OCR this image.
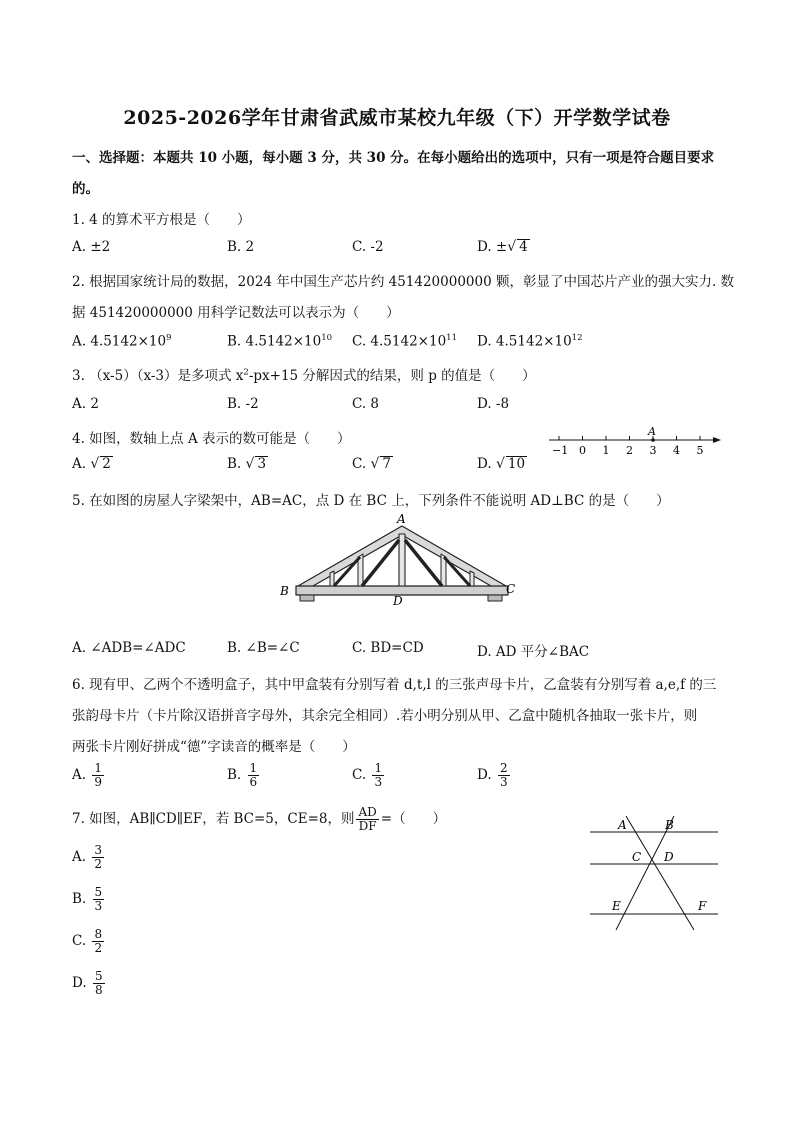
2025-2026学年甘肃省武威市某校九年级（下）开学数学试卷
一、选择题：本题共 10 小题，每小题 3 分，共 30 分。在每小题给出的选项中，只有一项是符合题目要求
的。
1. 4 的算术平方根是（　　）
A. ±2	B. 2	C. -2	D. ±√ 4
2. 根据国家统计局的数据，2024 年中国生产芯片约 451420000000 颗，彰显了中国芯片产业的强大实力. 数
据 451420000000 用科学记数法可以表示为（　　）
A. $4.5142\times 10^9$	B. $4.5142\times 10^{10}$ C. $4.5142\times 10^{11}$ D. $4.5142\times 10^{12}$
3. （x-5）（x-3）是多项式 $x^2-px+15$ 分解因式的结果，则 p 的值是（　　）
A. 2	B. -2	C. 8	D. -8
4. 如图，数轴上点 A 表示的数可能是（　　）
A. √ 2	B. √ 3	C. √ 7	D. √ 10
−1 0 1 2 3 4 5
A
5. 在如图的房屋人字梁架中，AB=AC，点 D 在 BC 上，下列条件不能说明 AD⊥BC 的是（　　）
A
B	C
D
A. ∠ADB=∠ADC	B. ∠B=∠C	C. BD=CD	D. AD 平分∠BAC
6. 现有甲、乙两个不透明盒子，其中甲盒装有分别写着 d,t,l 的三张声母卡片，乙盒装有分别写着 a,e,f 的三
张韵母卡片（卡片除汉语拼音字母外，其余完全相同）.若小明分别从甲、乙盒中随机各抽取一张卡片，则
两张卡片刚好拼成“德”字读音的概率是（　　）
A. $\frac{1}{9}$	B. $\frac{1}{6}$	C. $\frac{1}{3}$	D. $\frac{2}{3}$
7. 如图，AB∥CD∥EF，若 BC=5，CE=8，则 $\frac{AD}{DF}$ =（　　）
A. $\frac{3}{2}$
B. $\frac{5}{3}$
C. $\frac{8}{2}$
D. $\frac{5}{8}$
A	B
C D
E	F
